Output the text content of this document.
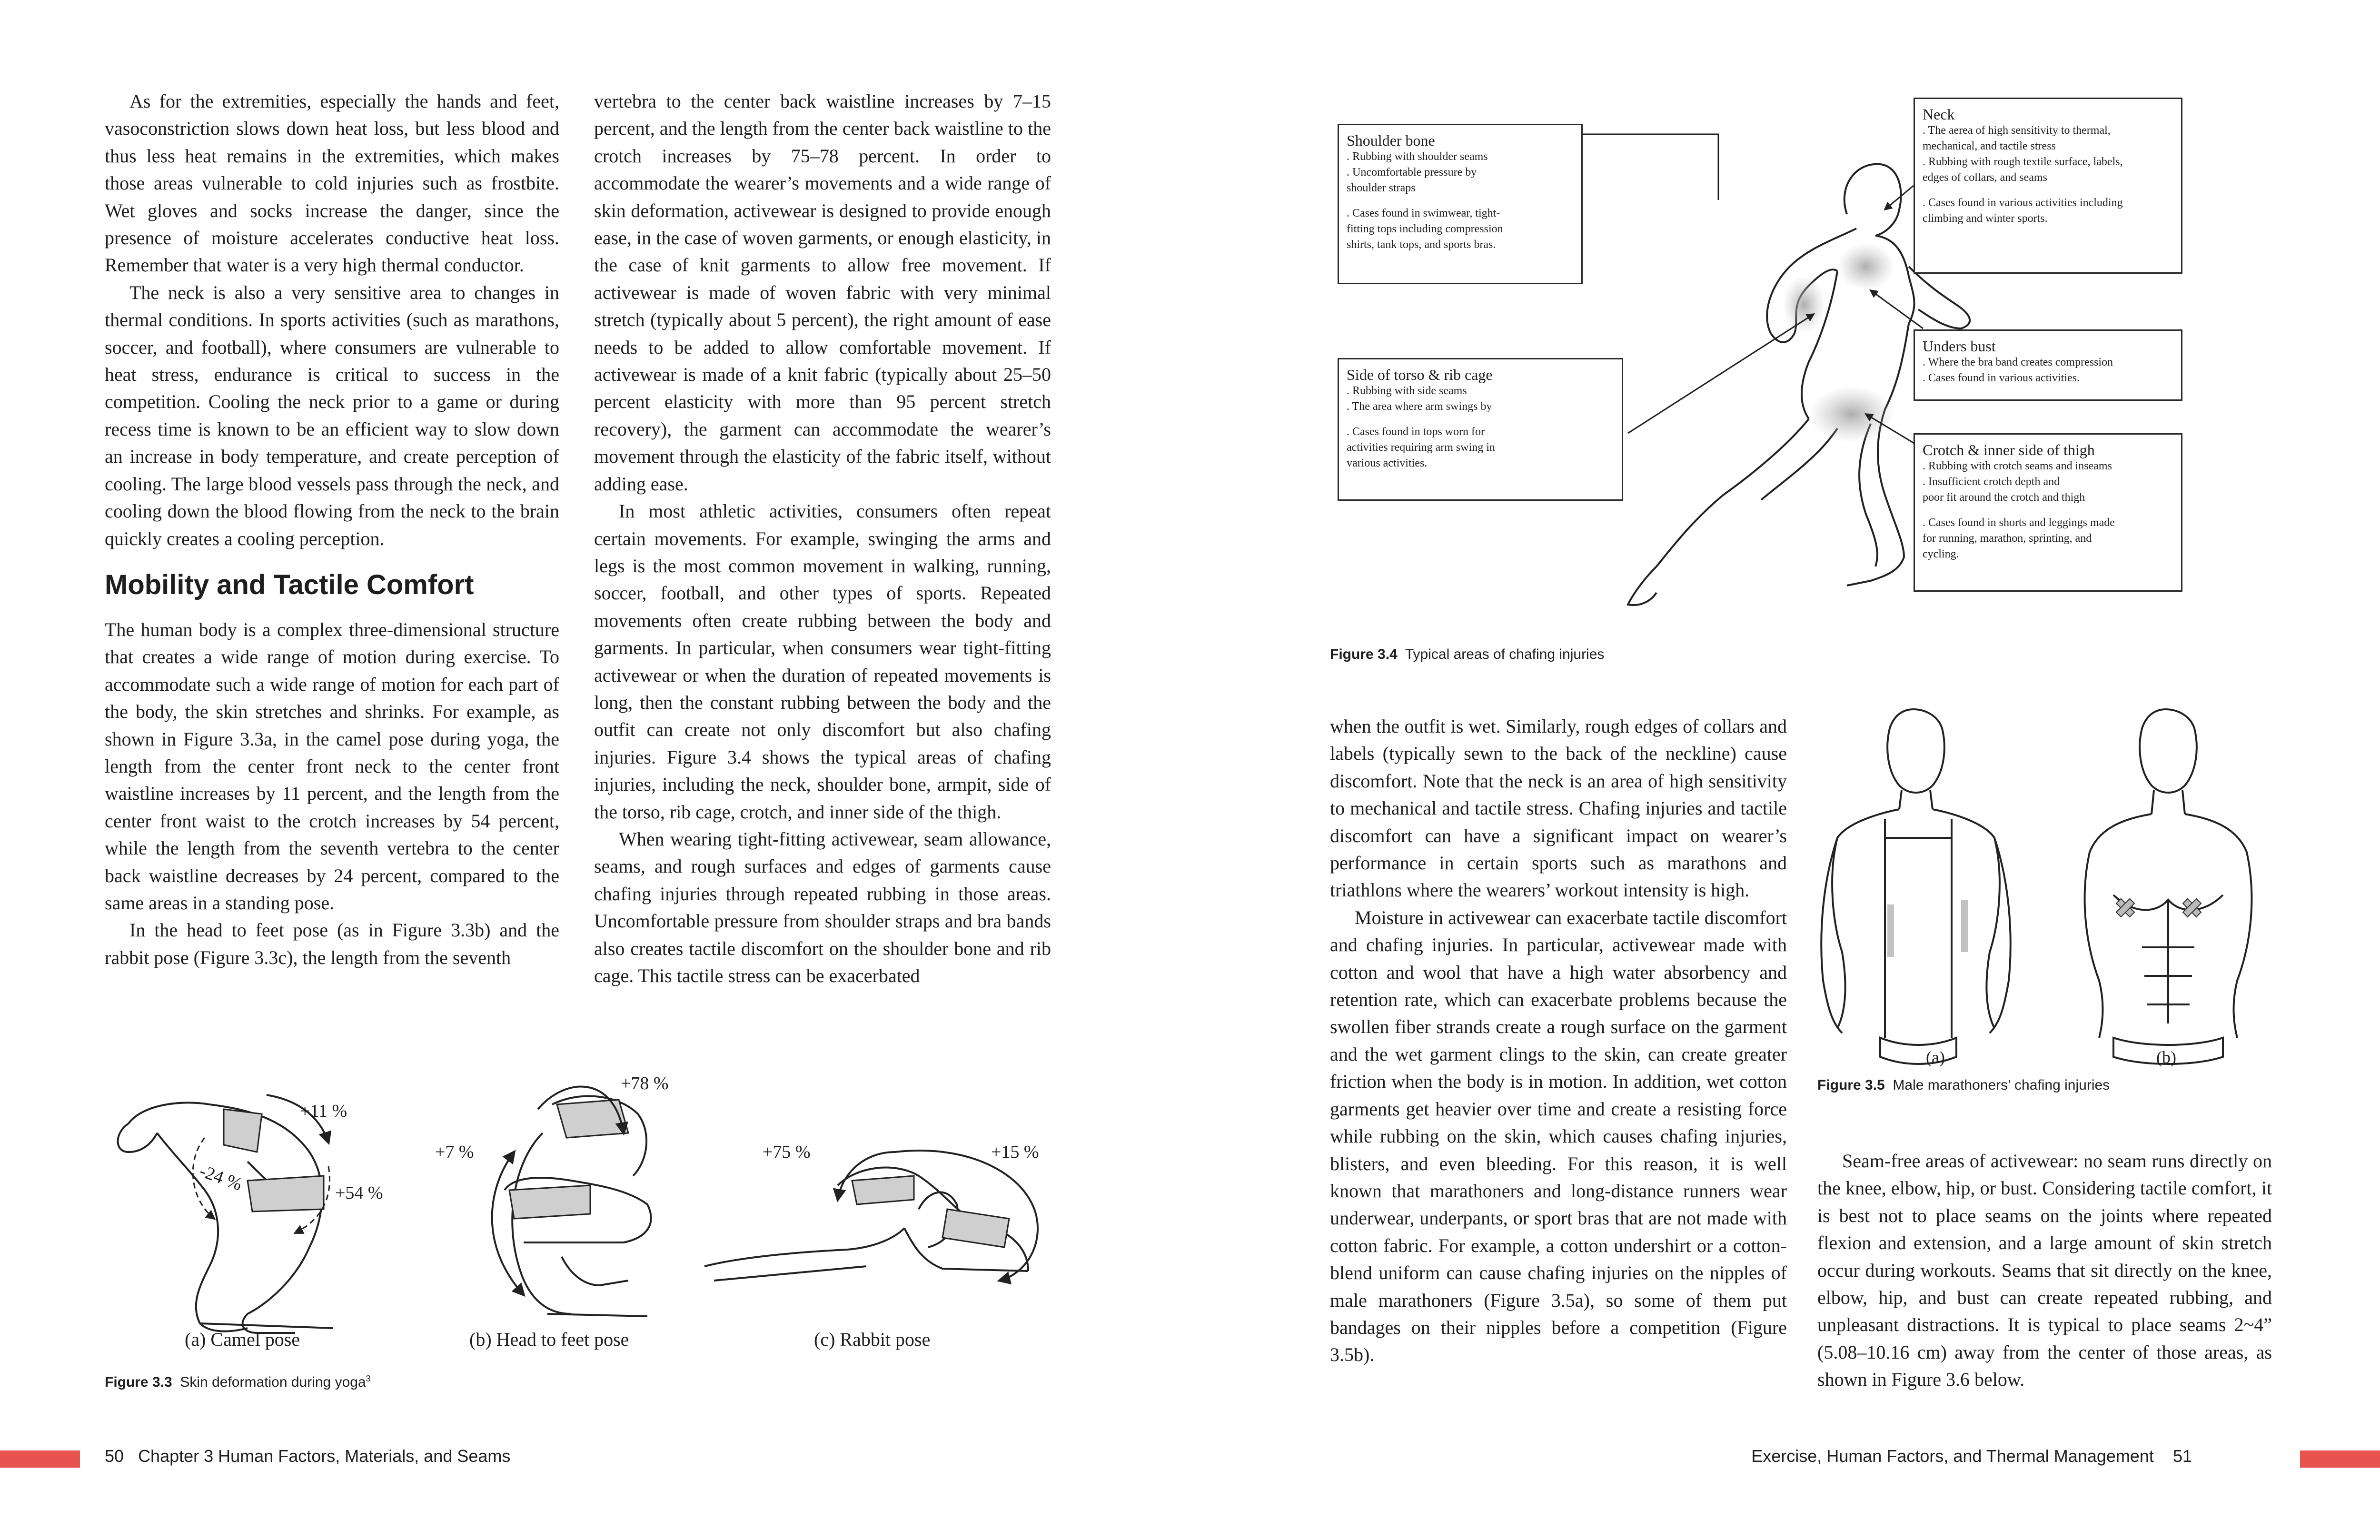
As for the extremities, especially the hands and feet, vasoconstriction slows down heat loss, but less blood and thus less heat remains in the extremities, which makes those areas vulnerable to cold injuries such as frostbite. Wet gloves and socks increase the danger, since the presence of moisture accelerates conductive heat loss. Remember that water is a very high thermal conductor.

The neck is also a very sensitive area to changes in thermal conditions. In sports activities (such as marathons, soccer, and football), where consumers are vulnerable to heat stress, endurance is critical to success in the competition. Cooling the neck prior to a game or during recess time is known to be an efficient way to slow down an increase in body temperature, and create perception of cooling. The large blood vessels pass through the neck, and cooling down the blood flowing from the neck to the brain quickly creates a cooling perception.

Mobility and Tactile Comfort

The human body is a complex three-dimensional structure that creates a wide range of motion during exercise. To accommodate such a wide range of motion for each part of the body, the skin stretches and shrinks. For example, as shown in Figure 3.3a, in the camel pose during yoga, the length from the center front neck to the center front waistline increases by 11 percent, and the length from the center front waist to the crotch increases by 54 percent, while the length from the seventh vertebra to the center back waistline decreases by 24 percent, compared to the same areas in a standing pose.

In the head to feet pose (as in Figure 3.3b) and the rabbit pose (Figure 3.3c), the length from the seventh

vertebra to the center back waistline increases by 7–15 percent, and the length from the center back waistline to the crotch increases by 75–78 percent. In order to accommodate the wearer’s movements and a wide range of skin deformation, activewear is designed to provide enough ease, in the case of woven garments, or enough elasticity, in the case of knit garments to allow free movement. If activewear is made of woven fabric with very minimal stretch (typically about 5 percent), the right amount of ease needs to be added to allow comfortable movement. If activewear is made of a knit fabric (typically about 25–50 percent elasticity with more than 95 percent stretch recovery), the garment can accommodate the wearer’s movement through the elasticity of the fabric itself, without adding ease.

In most athletic activities, consumers often repeat certain movements. For example, swinging the arms and legs is the most common movement in walking, running, soccer, football, and other types of sports. Repeated movements often create rubbing between the body and garments. In particular, when consumers wear tight-fitting activewear or when the duration of repeated movements is long, then the constant rubbing between the body and the outfit can create not only discomfort but also chafing injuries. Figure 3.4 shows the typical areas of chafing injuries, including the neck, shoulder bone, armpit, side of the torso, rib cage, crotch, and inner side of the thigh.

When wearing tight-fitting activewear, seam allowance, seams, and rough surfaces and edges of garments cause chafing injuries through repeated rubbing in those areas. Uncomfortable pressure from shoulder straps and bra bands also creates tactile discomfort on the shoulder bone and rib cage. This tactile stress can be exacerbated

+11 %
-24 %	+54 %
+78 %
+7 %	+75 %	+15 %
(a) Camel pose	(b) Head to feet pose	(c) Rabbit pose
Figure 3.3 Skin deformation during yoga$^3$
50 Chapter 3 Human Factors, Materials, and Seams
Shoulder bone
. Rubbing with shoulder seams
. Uncomfortable pressure by
shoulder straps
. Cases found in swimwear, tight-
fitting tops including compression
shirts, tank tops, and sports bras.
Side of torso & rib cage
. Rubbing with side seams
. The area where arm swings by
. Cases found in tops worn for
activities requiring arm swing in
various activities.
Neck
. The aerea of high sensitivity to thermal,
mechanical, and tactile stress
. Rubbing with rough textile surface, labels,
edges of collars, and seams
. Cases found in various activities including
climbing and winter sports.
Unders bust
. Where the bra band creates compression
. Cases found in various activities.
Crotch & inner side of thigh
. Rubbing with crotch seams and inseams
. Insufficient crotch depth and
poor fit around the crotch and thigh
. Cases found in shorts and leggings made
for running, marathon, sprinting, and
cycling.
Figure 3.4 Typical areas of chafing injuries

when the outfit is wet. Similarly, rough edges of collars and labels (typically sewn to the back of the neckline) cause discomfort. Note that the neck is an area of high sensitivity to mechanical and tactile stress. Chafing injuries and tactile discomfort can have a significant impact on wearer’s performance in certain sports such as marathons and triathlons where the wearers’ workout intensity is high.

Moisture in activewear can exacerbate tactile discomfort and chafing injuries. In particular, activewear made with cotton and wool that have a high water absorbency and retention rate, which can exacerbate problems because the swollen fiber strands create a rough surface on the garment and the wet garment clings to the skin, can create greater friction when the body is in motion. In addition, wet cotton garments get heavier over time and create a resisting force while rubbing on the skin, which causes chafing injuries, blisters, and even bleeding. For this reason, it is well known that marathoners and long-distance runners wear underwear, underpants, or sport bras that are not made with cotton fabric. For example, a cotton undershirt or a cotton-blend uniform can cause chafing injuries on the nipples of male marathoners (Figure 3.5a), so some of them put bandages on their nipples before a competition (Figure 3.5b).

(a)	(b)
Figure 3.5 Male marathoners’ chafing injuries

Seam-free areas of activewear: no seam runs directly on the knee, elbow, hip, or bust. Considering tactile comfort, it is best not to place seams on the joints where repeated flexion and extension, and a large amount of skin stretch occur during workouts. Seams that sit directly on the knee, elbow, hip, and bust can create repeated rubbing, and unpleasant distractions. It is typical to place seams 2~4” (5.08–10.16 cm) away from the center of those areas, as shown in Figure 3.6 below.

Exercise, Human Factors, and Thermal Management 51
